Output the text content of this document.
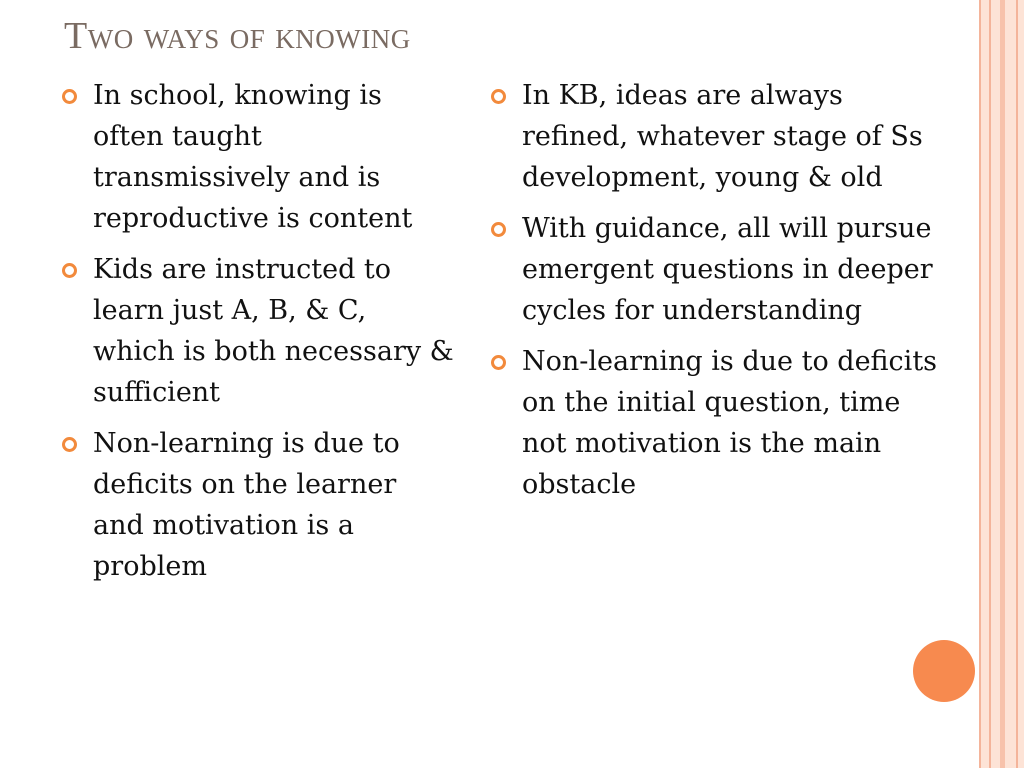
Two ways of knowing
In school, knowing is often taught transmissively and is reproductive is content
Kids are instructed to learn just A, B, & C, which is both necessary & sufficient
Non-learning is due to deficits on the learner and motivation is a problem
In KB, ideas are always refined, whatever stage of Ss development, young & old
With guidance, all will pursue emergent questions in deeper cycles for understanding
Non-learning is due to deficits on the initial question, time not motivation is the main obstacle
